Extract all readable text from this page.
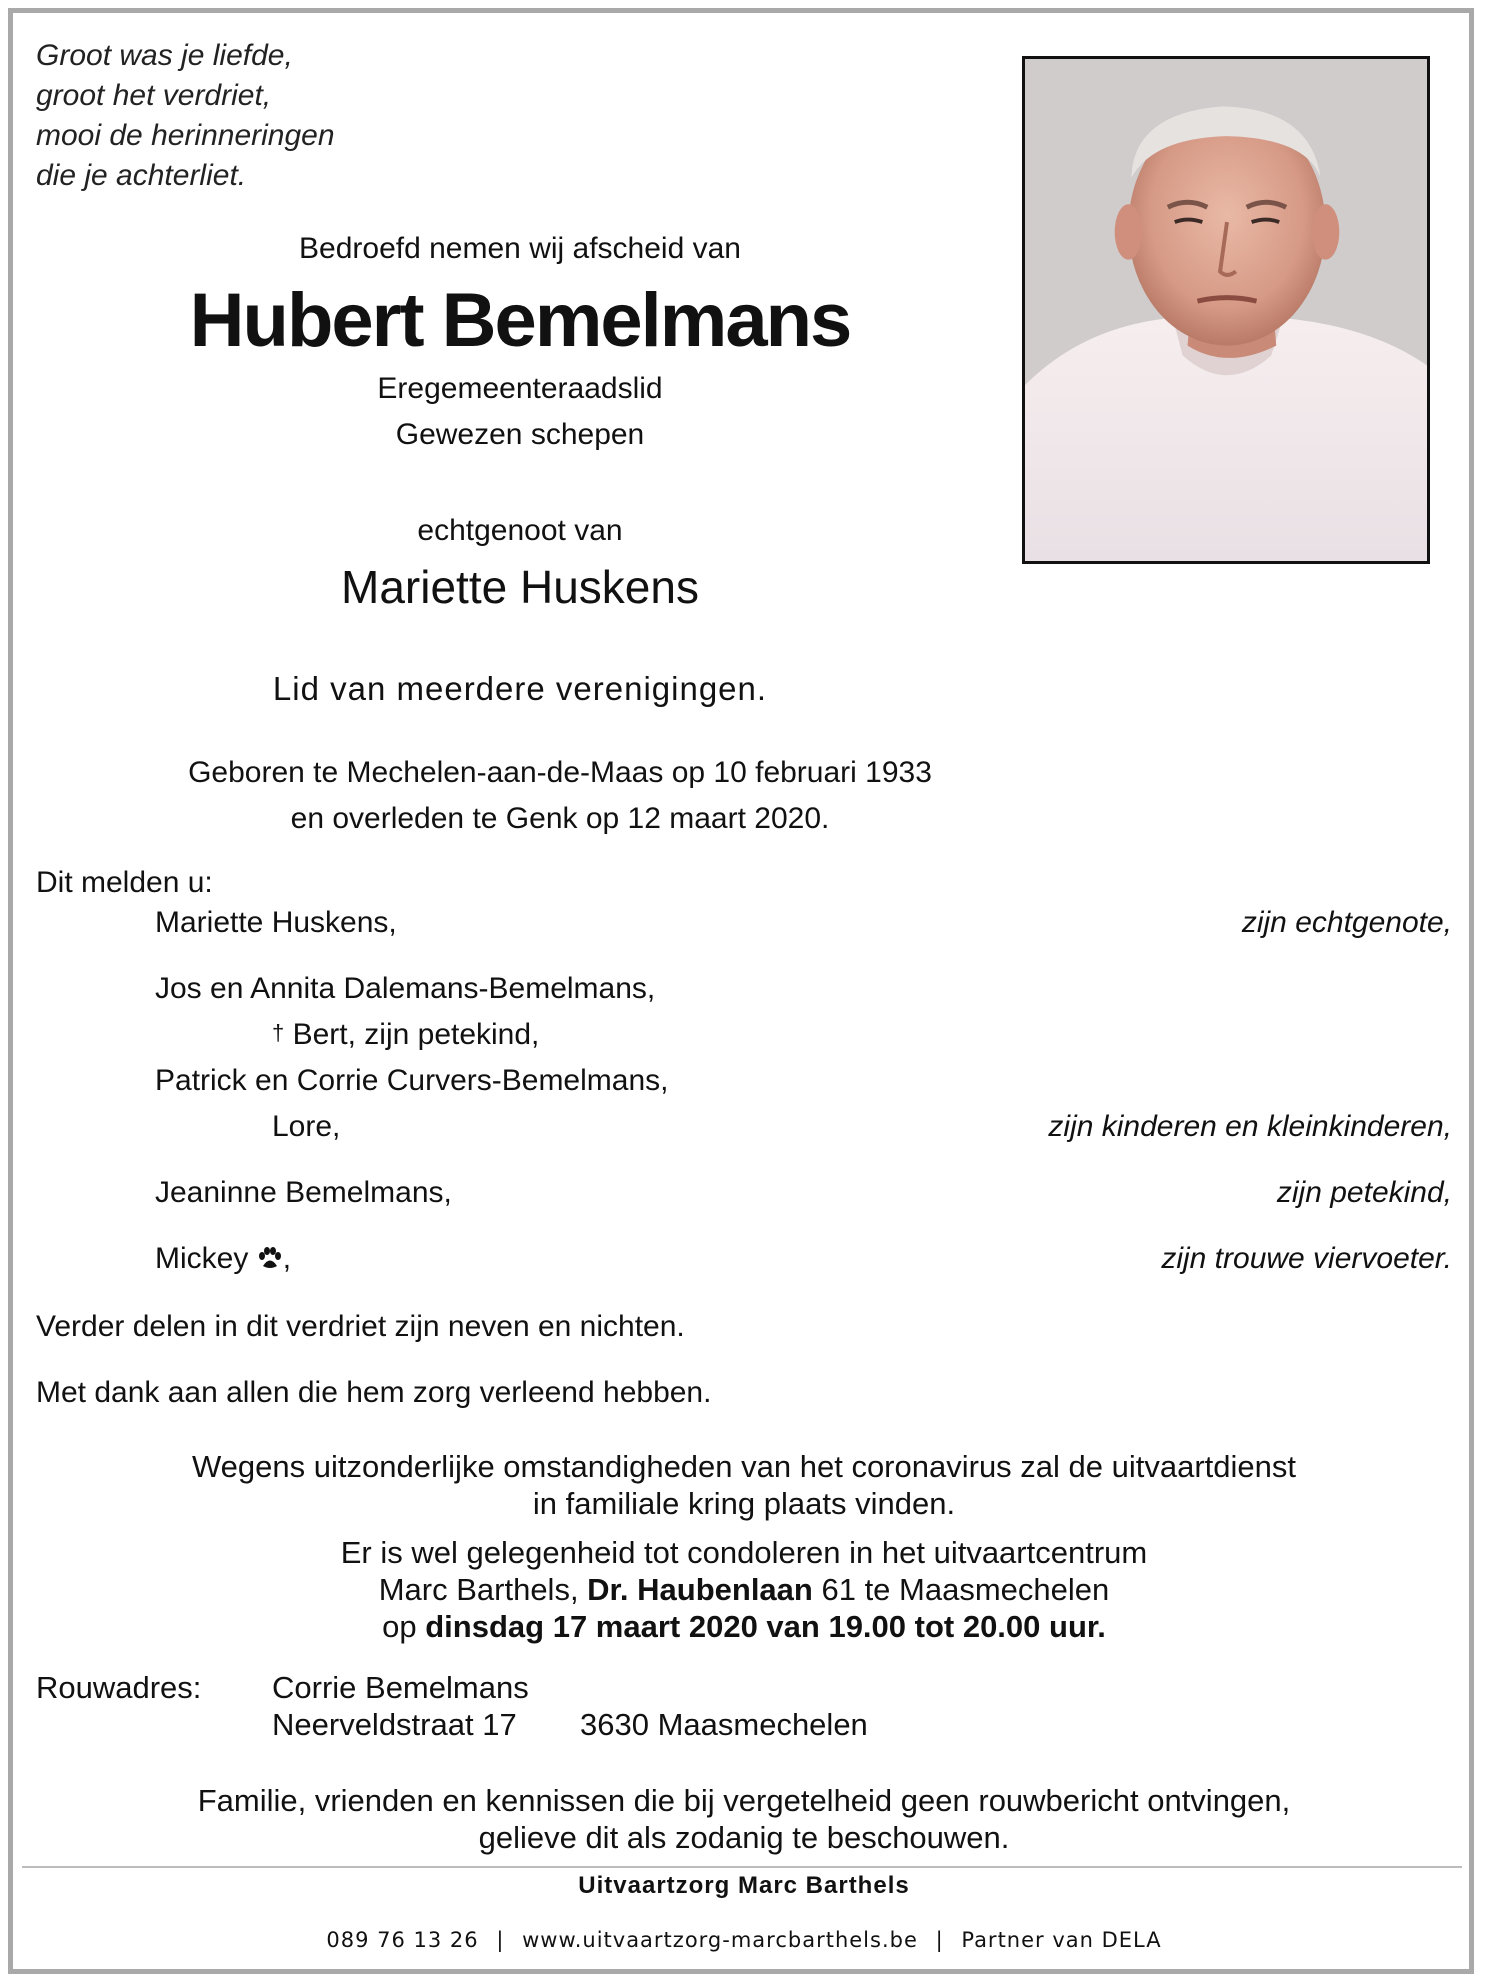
Groot was je liefde,
groot het verdriet,
mooi de herinneringen
die je achterliet.
Bedroefd nemen wij afscheid van
Hubert Bemelmans
Eregemeenteraadslid
Gewezen schepen
echtgenoot van
Mariette Huskens
Lid van meerdere verenigingen.
Geboren te Mechelen-aan-de-Maas op 10 februari 1933
en overleden te Genk op 12 maart 2020.
Dit melden u:
Mariette Huskens,	zijn echtgenote,
Jos en Annita Dalemans-Bemelmans,
† Bert, zijn petekind,
Patrick en Corrie Curvers-Bemelmans,
Lore,	zijn kinderen en kleinkinderen,
Jeaninne Bemelmans,	zijn petekind,
Mickey ,	zijn trouwe viervoeter.
Verder delen in dit verdriet zijn neven en nichten.
Met dank aan allen die hem zorg verleend hebben.
Wegens uitzonderlijke omstandigheden van het coronavirus zal de uitvaartdienst
in familiale kring plaats vinden.
Er is wel gelegenheid tot condoleren in het uitvaartcentrum
Marc Barthels, Dr. Haubenlaan 61 te Maasmechelen
op dinsdag 17 maart 2020 van 19.00 tot 20.00 uur.
Rouwadres: Corrie Bemelmans
Neerveldstraat 17 3630 Maasmechelen
Familie, vrienden en kennissen die bij vergetelheid geen rouwbericht ontvingen,
gelieve dit als zodanig te beschouwen.
Uitvaartzorg Marc Barthels
089 76 13 26 | www.uitvaartzorg-marcbarthels.be | Partner van DELA
